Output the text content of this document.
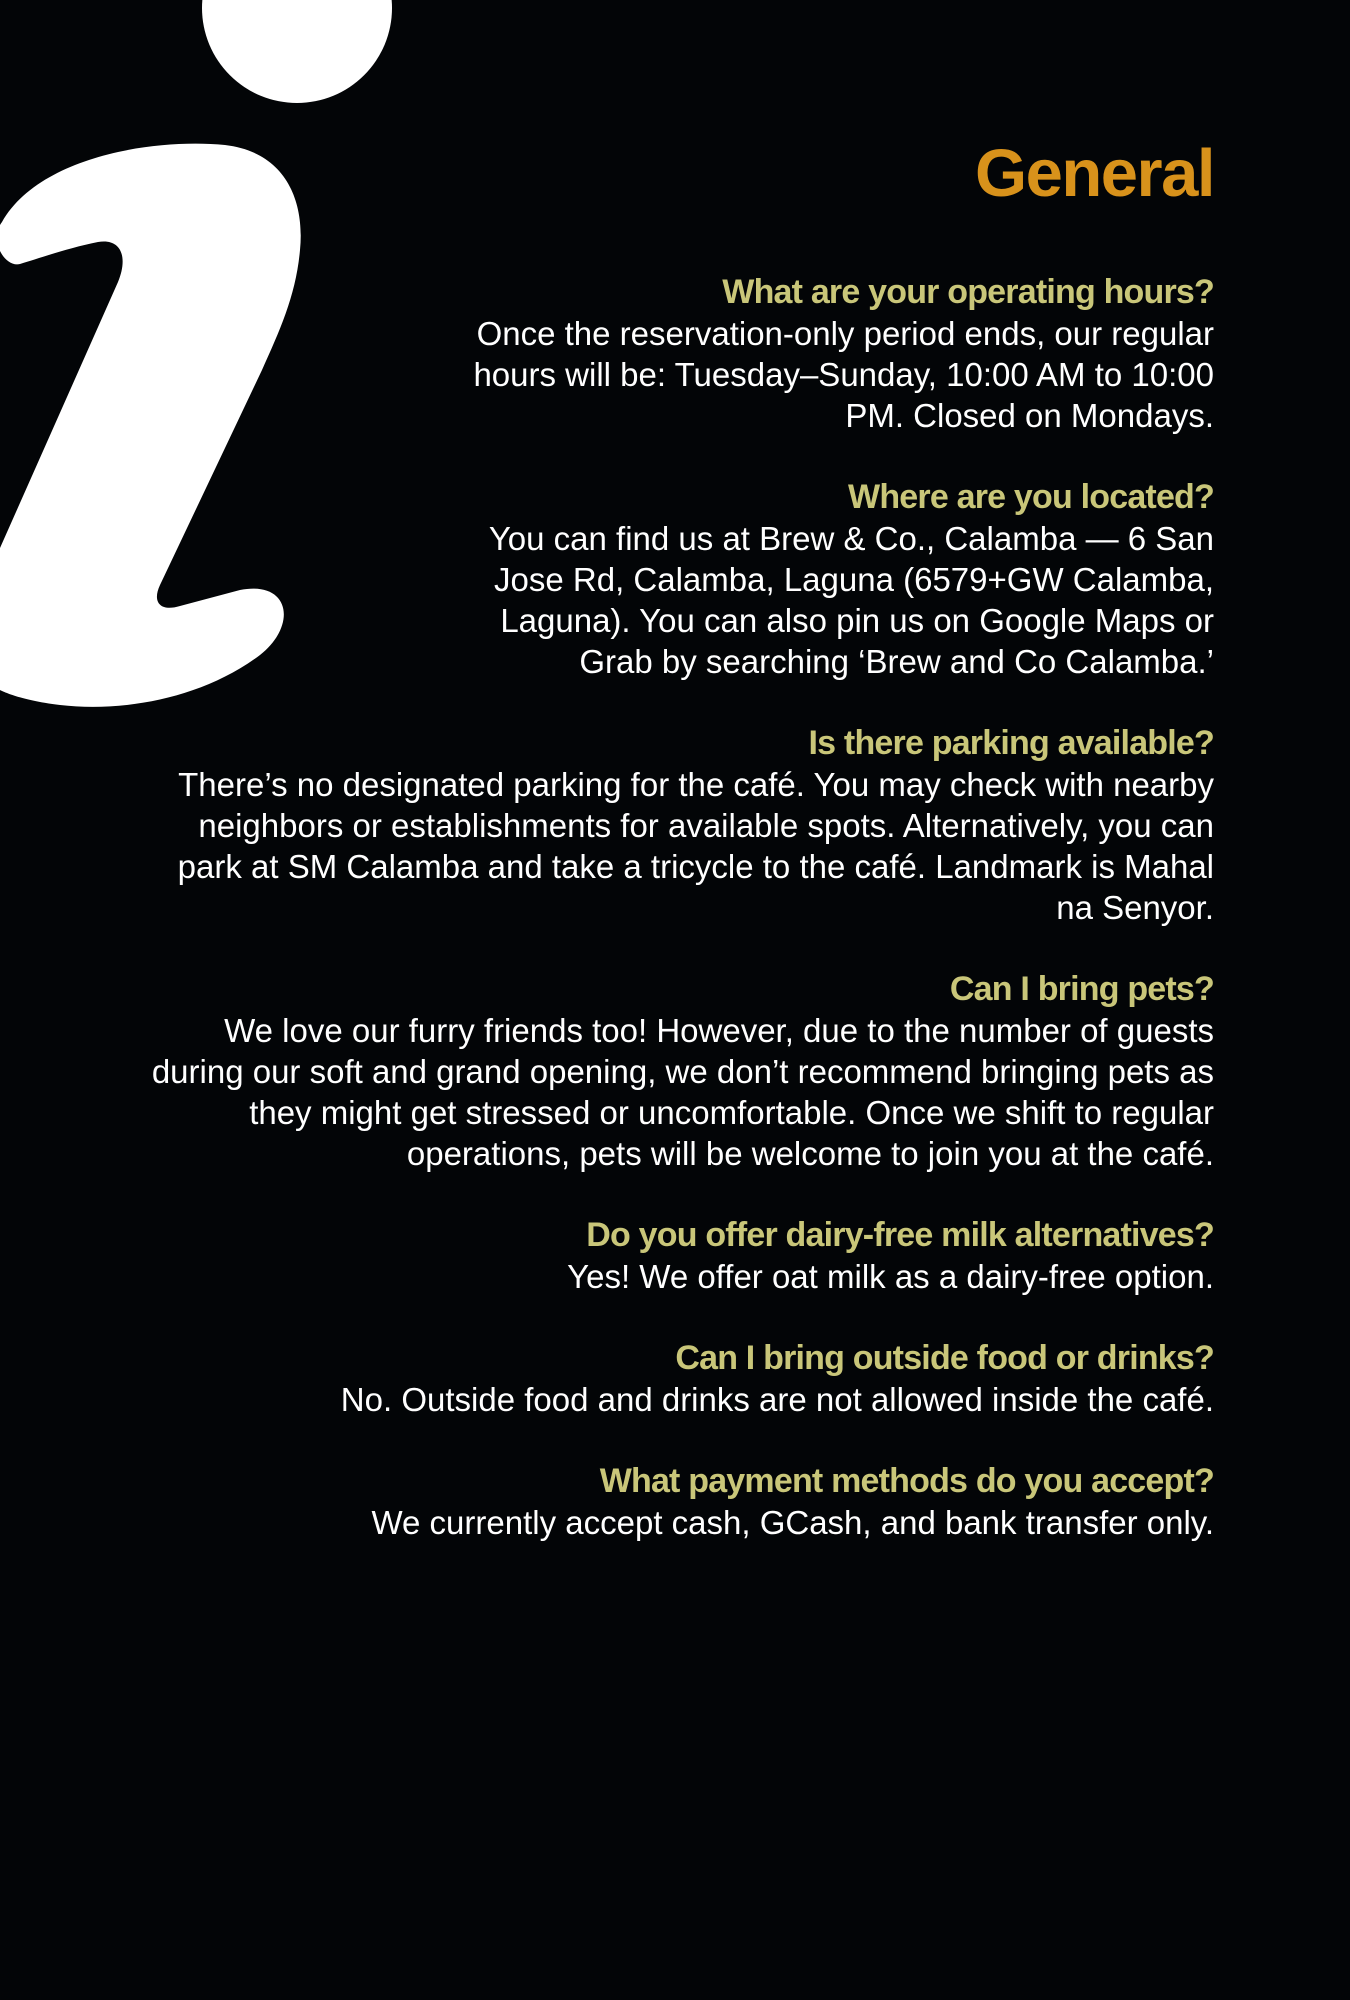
General
What are your operating hours?

Once the reservation-only period ends, our regular hours will be: Tuesday–Sunday, 10:00 AM to 10:00 PM. Closed on Mondays.

Where are you located?

You can find us at Brew & Co., Calamba — 6 San Jose Rd, Calamba, Laguna (6579+GW Calamba, Laguna). You can also pin us on Google Maps or Grab by searching ‘Brew and Co Calamba.’

Is there parking available?

There’s no designated parking for the café. You may check with nearby neighbors or establishments for available spots. Alternatively, you can park at SM Calamba and take a tricycle to the café. Landmark is Mahal na Senyor.

Can I bring pets?

We love our furry friends too! However, due to the number of guests during our soft and grand opening, we don’t recommend bringing pets as they might get stressed or uncomfortable. Once we shift to regular operations, pets will be welcome to join you at the café.

Do you offer dairy-free milk alternatives?

Yes! We offer oat milk as a dairy-free option.

Can I bring outside food or drinks?

No. Outside food and drinks are not allowed inside the café.

What payment methods do you accept?

We currently accept cash, GCash, and bank transfer only.
